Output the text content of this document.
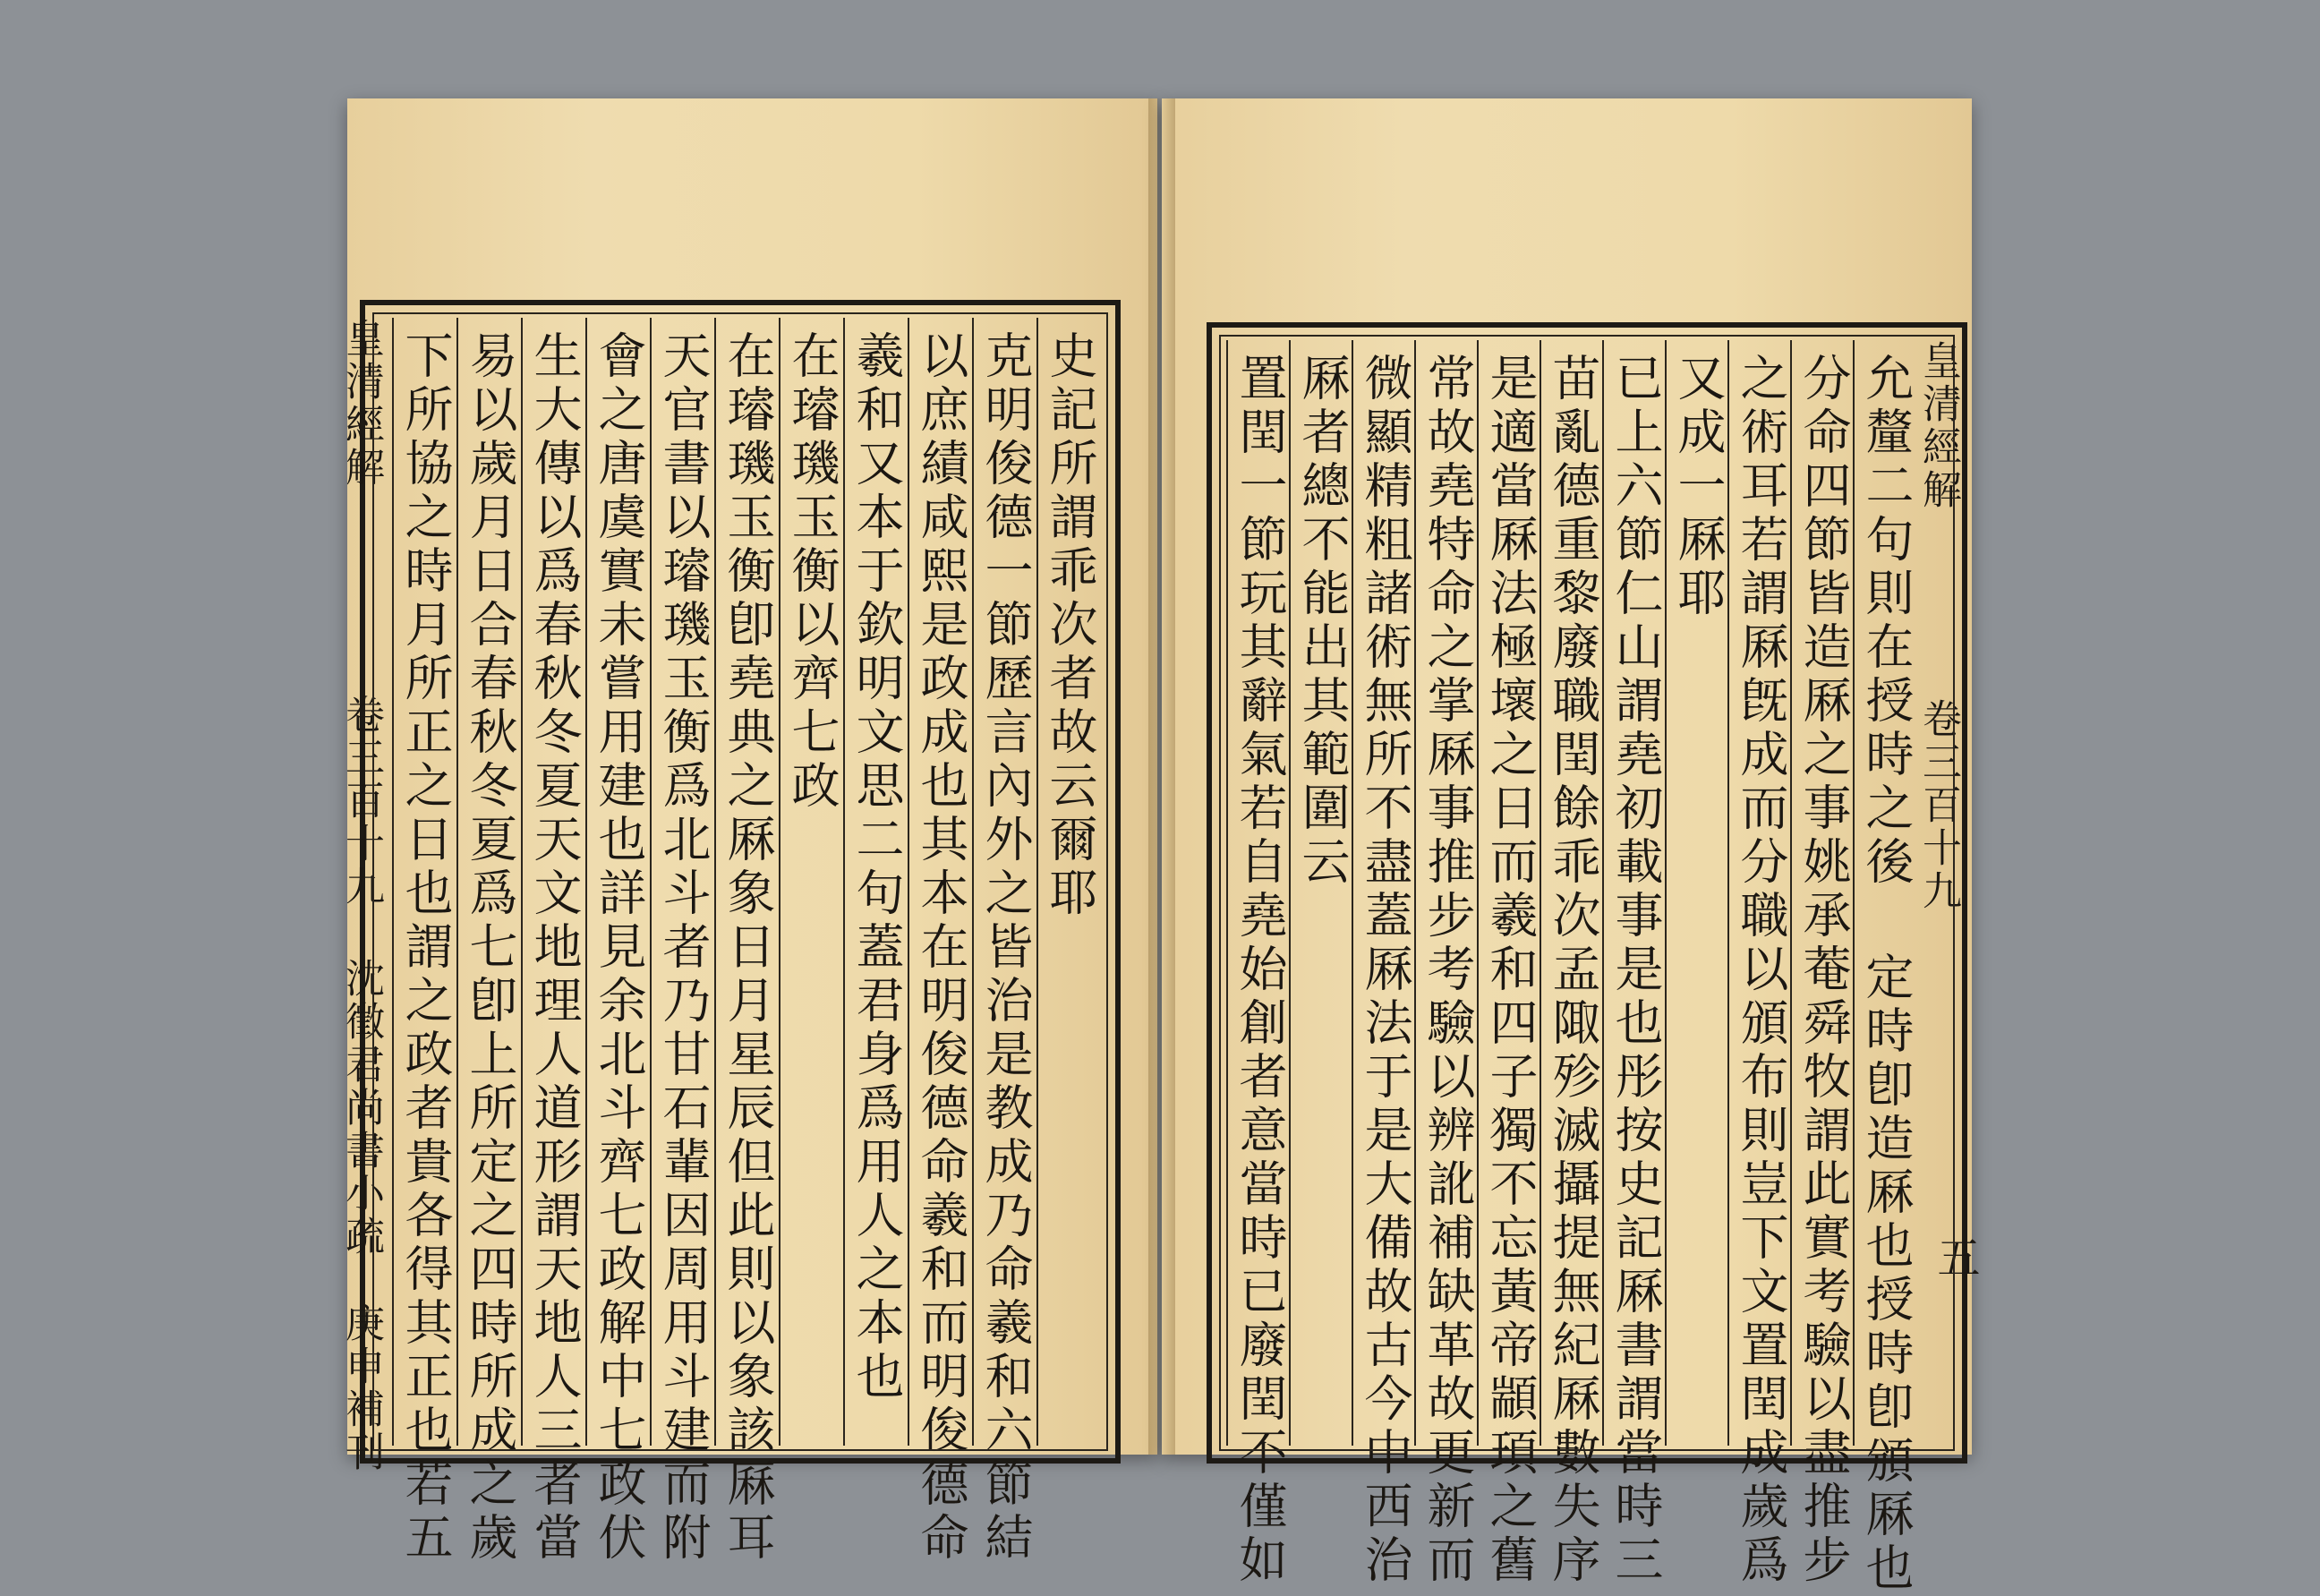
史記所謂乖次者故云爾耶
克明俊德一節歷言內外之皆治是教成乃命羲和六節結
以庶績咸熙是政成也其本在明俊德命羲和而明俊德命
羲和又本于欽明文思二句蓋君身爲用人之本也
在璿璣玉衡以齊七政
在璿璣玉衡卽堯典之厤象日月星辰但此則以象該厤耳
天官書以璿璣玉衡爲北斗者乃甘石輩因周用斗建而附
會之唐虞實未嘗用建也詳見余北斗齊七政解中七政伏
生大傳以爲春秋冬夏天文地理人道形謂天地人三者當
易以歲月日合春秋冬夏爲七卽上所定之四時所成之歲
下所協之時月所正之日也謂之政者貴各得其正也若五
皇清經解
卷三百十九 沈徵君尚書小疏
庚申補刊
皇清經解
卷三百十九
五
允釐二句則在授時之後 定時卽造厤也授時卽頒厤也
分命四節皆造厤之事姚承菴舜牧謂此實考驗以盡推步
之術耳若謂厤旣成而分職以頒布則豈下文置閏成歲爲
又成一厤耶
已上六節仁山謂堯初載事是也彤按史記厤書謂當時三
苗亂德重黎廢職閏餘乖次孟陬殄滅攝提無紀厤數失序
是適當厤法極壞之日而羲和四子獨不忘黃帝顓頊之舊
常故堯特命之掌厤事推步考驗以辨訛補缺革故更新而
微顯精粗諸術無所不盡蓋厤法于是大備故古今中西治
厤者總不能出其範圍云
置閏一節玩其辭氣若自堯始創者意當時已廢閏不僅如
